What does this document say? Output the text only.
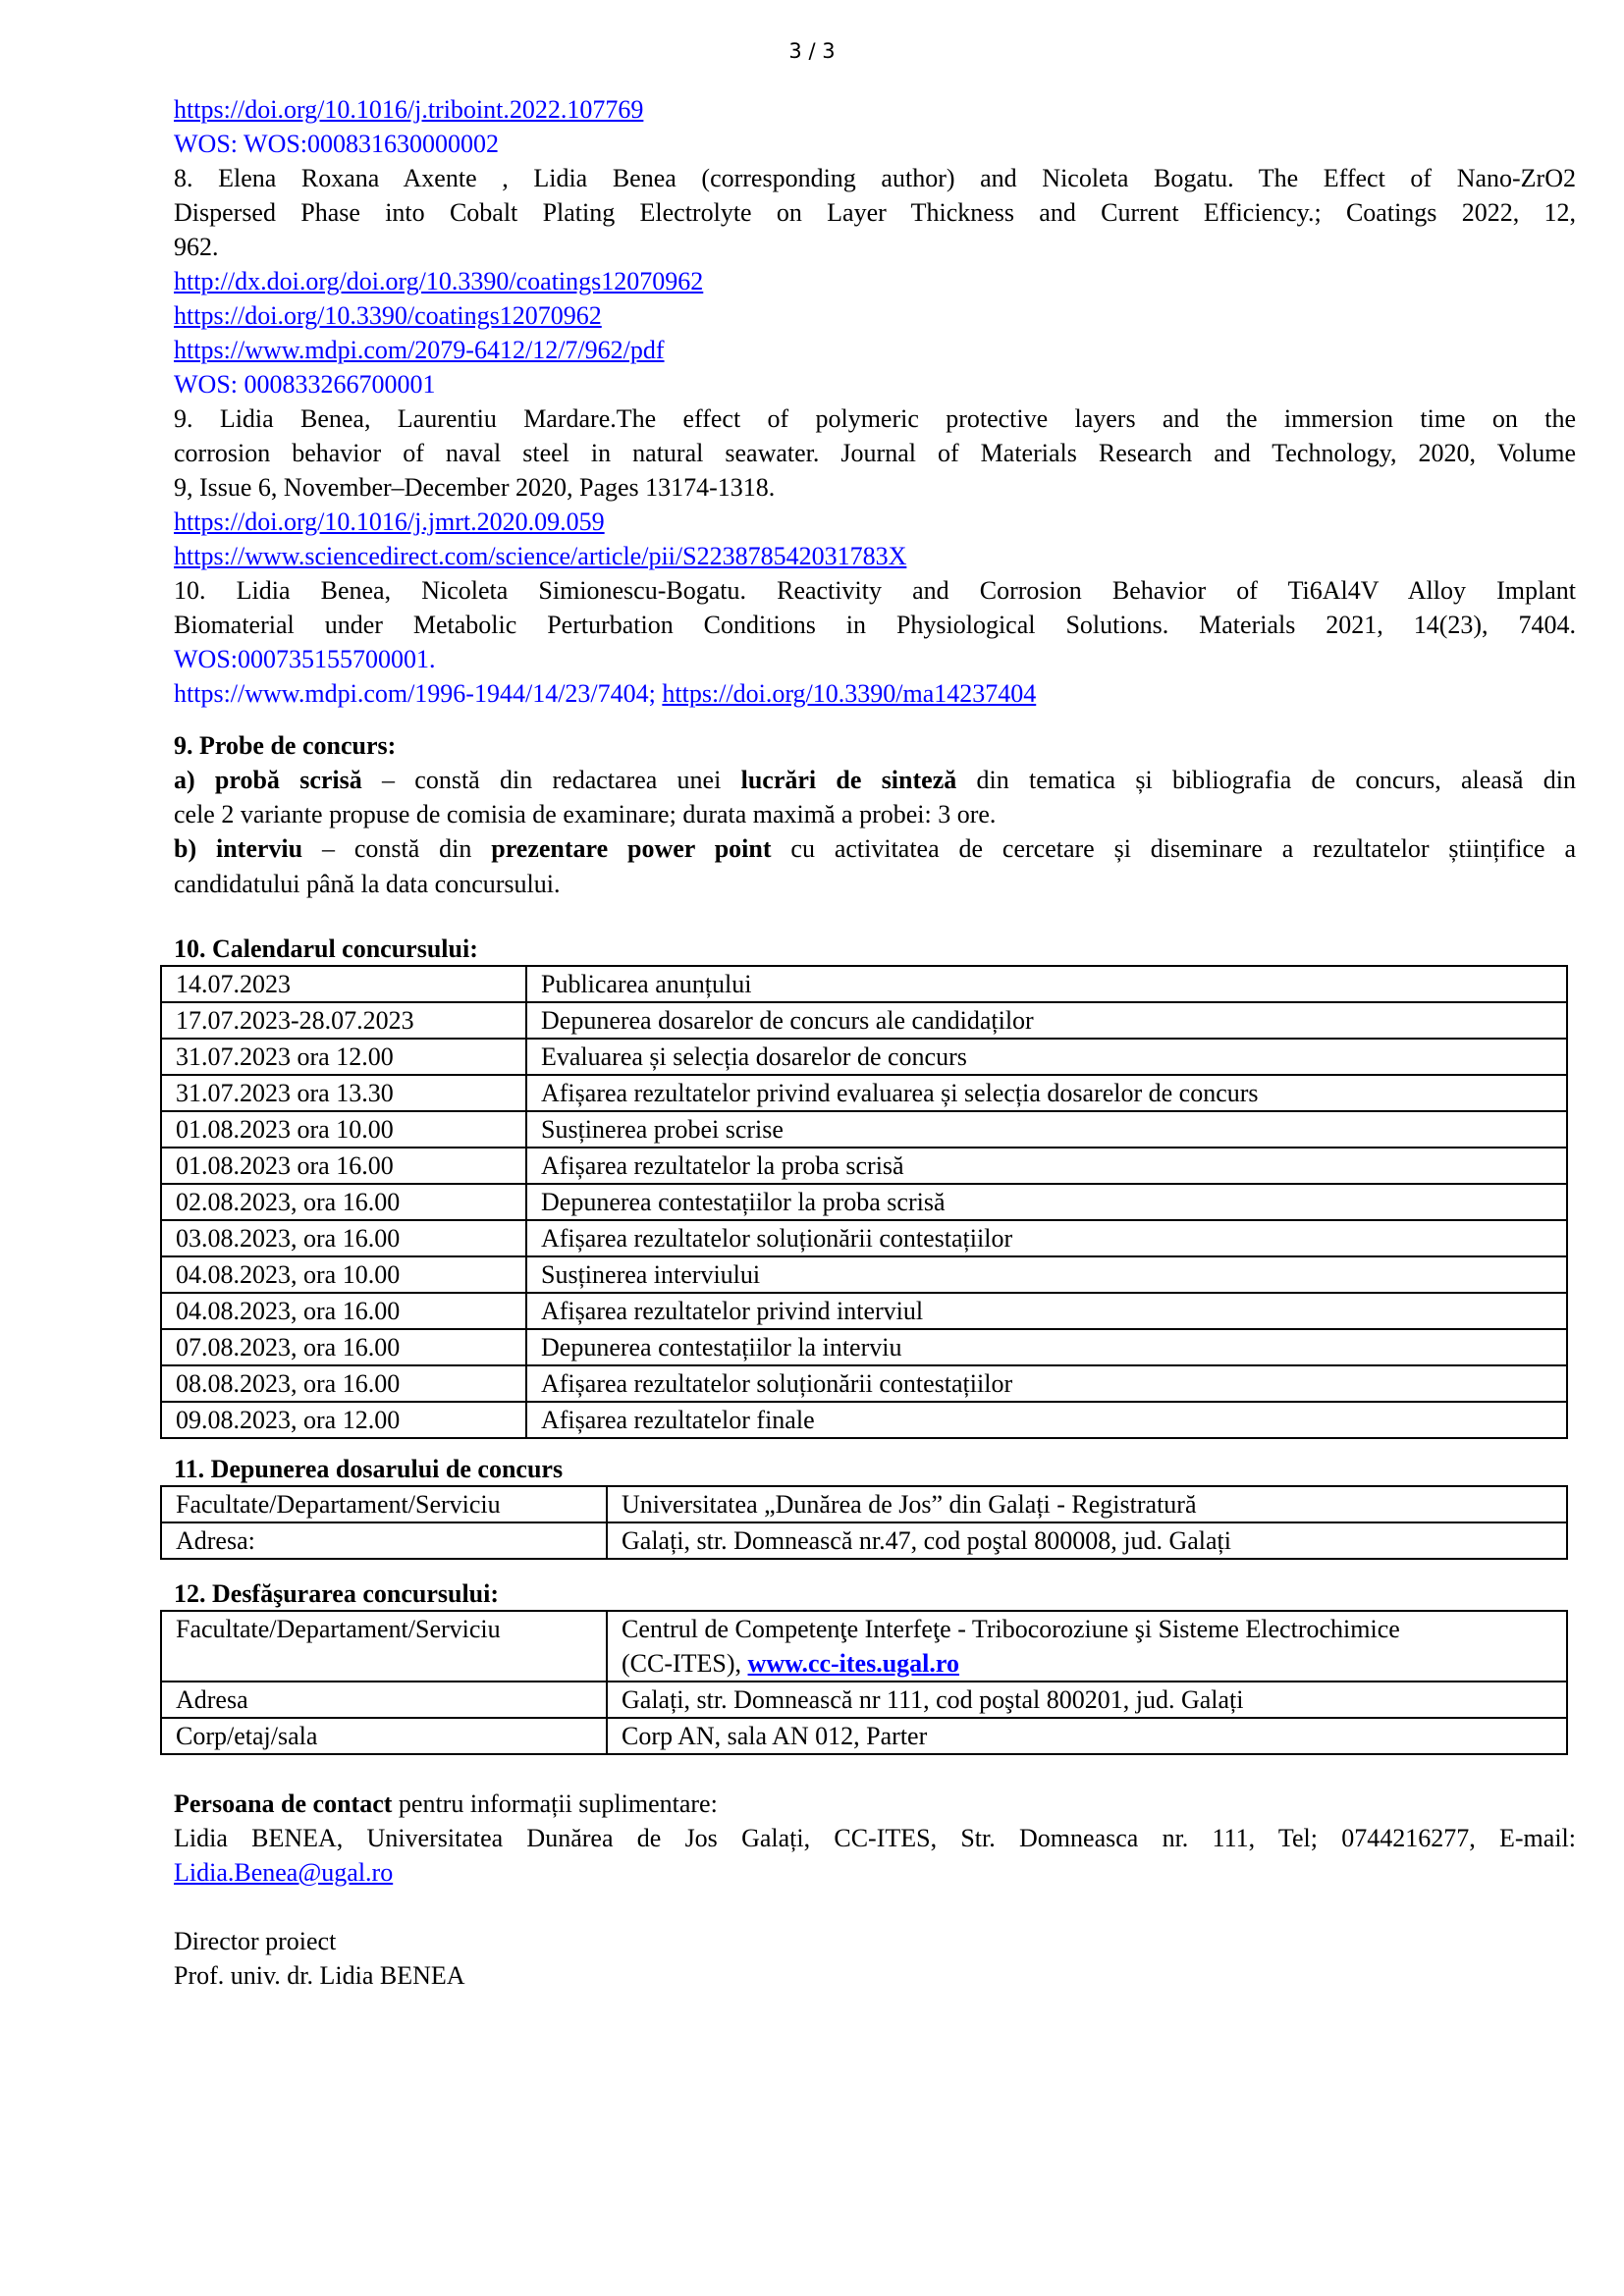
3 / 3
https://doi.org/10.1016/j.triboint.2022.107769
WOS: WOS:000831630000002
8. Elena Roxana Axente , Lidia Benea (corresponding author) and Nicoleta Bogatu. The Effect of Nano-ZrO2
Dispersed Phase into Cobalt Plating Electrolyte on Layer Thickness and Current Efficiency.; Coatings 2022, 12,
962.
http://dx.doi.org/doi.org/10.3390/coatings12070962
https://doi.org/10.3390/coatings12070962
https://www.mdpi.com/2079-6412/12/7/962/pdf
WOS: 000833266700001
9. Lidia Benea, Laurentiu Mardare.The effect of polymeric protective layers and the immersion time on the
corrosion behavior of naval steel in natural seawater. Journal of Materials Research and Technology, 2020, Volume
9, Issue 6, November–December 2020, Pages 13174-1318.
https://doi.org/10.1016/j.jmrt.2020.09.059
https://www.sciencedirect.com/science/article/pii/S223878542031783X
10. Lidia Benea, Nicoleta Simionescu-Bogatu. Reactivity and Corrosion Behavior of Ti6Al4V Alloy Implant
Biomaterial under Metabolic Perturbation Conditions in Physiological Solutions. Materials 2021, 14(23), 7404.
WOS:000735155700001.
https://www.mdpi.com/1996-1944/14/23/7404; https://doi.org/10.3390/ma14237404
9. Probe de concurs:
a) probă scrisă – constă din redactarea unei lucrări de sinteză din tematica și bibliografia de concurs, aleasă din
cele 2 variante propuse de comisia de examinare; durata maximă a probei: 3 ore.
b) interviu – constă din prezentare power point cu activitatea de cercetare și diseminare a rezultatelor științifice a
candidatului până la data concursului.
10. Calendarul concursului:
14.07.2023	Publicarea anunțului
17.07.2023-28.07.2023	Depunerea dosarelor de concurs ale candidaților
31.07.2023 ora 12.00	Evaluarea și selecția dosarelor de concurs
31.07.2023 ora 13.30	Afișarea rezultatelor privind evaluarea și selecția dosarelor de concurs
01.08.2023 ora 10.00	Susținerea probei scrise
01.08.2023 ora 16.00	Afișarea rezultatelor la proba scrisă
02.08.2023, ora 16.00	Depunerea contestațiilor la proba scrisă
03.08.2023, ora 16.00	Afișarea rezultatelor soluționării contestațiilor
04.08.2023, ora 10.00	Susținerea interviului
04.08.2023, ora 16.00	Afișarea rezultatelor privind interviul
07.08.2023, ora 16.00	Depunerea contestațiilor la interviu
08.08.2023, ora 16.00	Afișarea rezultatelor soluționării contestațiilor
09.08.2023, ora 12.00	Afișarea rezultatelor finale
11. Depunerea dosarului de concurs
Facultate/Departament/Serviciu	Universitatea „Dunărea de Jos” din Galați - Registratură
Adresa:	Galați, str. Domnească nr.47, cod poştal 800008, jud. Galați
12. Desfăşurarea concursului:
Facultate/Departament/Serviciu	Centrul de Competenţe Interfeţe - Tribocoroziune şi Sisteme Electrochimice
(CC-ITES), www.cc-ites.ugal.ro

Adresa	Galați, str. Domnească nr 111, cod poştal 800201, jud. Galați
Corp/etaj/sala	Corp AN, sala AN 012, Parter
Persoana de contact pentru informații suplimentare:
Lidia BENEA, Universitatea Dunărea de Jos Galați, CC-ITES, Str. Domneasca nr. 111, Tel; 0744216277, E-mail:
Lidia.Benea@ugal.ro
Director proiect
Prof. univ. dr. Lidia BENEA
